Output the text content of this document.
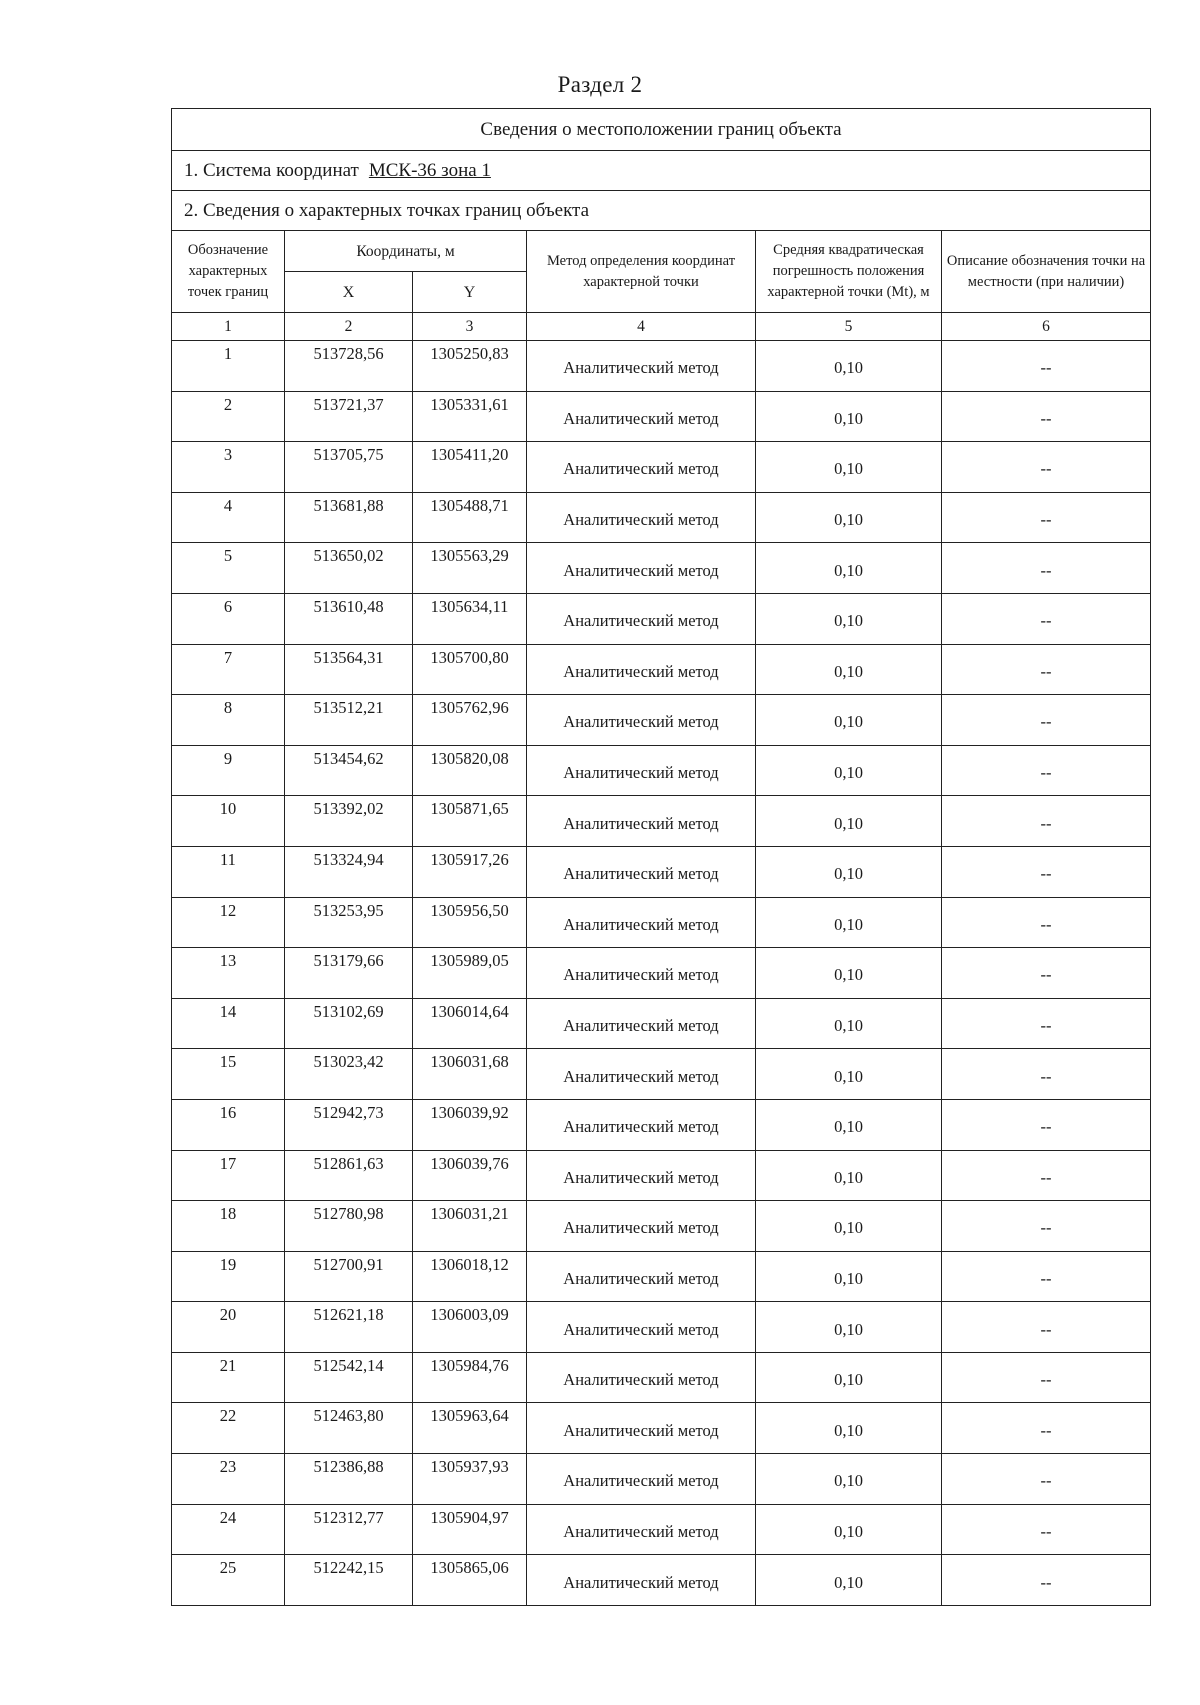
Раздел 2
Сведения о местоположении границ объекта					
1. Система координат МСК-36 зона 1					
2. Сведения о характерных точках границ объекта					
Обозначение характерных точек границ	Координаты, м		Метод определения координат характерной точки	Средняя квадратическая погрешность положения характерной точки (Mt), м	Описание обозначения точки на местности (при наличии)
	X	Y			
1	2	3	4	5	6
1	513728,56	1305250,83	Аналитический метод	0,10	--
2	513721,37	1305331,61	Аналитический метод	0,10	--
3	513705,75	1305411,20	Аналитический метод	0,10	--
4	513681,88	1305488,71	Аналитический метод	0,10	--
5	513650,02	1305563,29	Аналитический метод	0,10	--
6	513610,48	1305634,11	Аналитический метод	0,10	--
7	513564,31	1305700,80	Аналитический метод	0,10	--
8	513512,21	1305762,96	Аналитический метод	0,10	--
9	513454,62	1305820,08	Аналитический метод	0,10	--
10	513392,02	1305871,65	Аналитический метод	0,10	--
11	513324,94	1305917,26	Аналитический метод	0,10	--
12	513253,95	1305956,50	Аналитический метод	0,10	--
13	513179,66	1305989,05	Аналитический метод	0,10	--
14	513102,69	1306014,64	Аналитический метод	0,10	--
15	513023,42	1306031,68	Аналитический метод	0,10	--
16	512942,73	1306039,92	Аналитический метод	0,10	--
17	512861,63	1306039,76	Аналитический метод	0,10	--
18	512780,98	1306031,21	Аналитический метод	0,10	--
19	512700,91	1306018,12	Аналитический метод	0,10	--
20	512621,18	1306003,09	Аналитический метод	0,10	--
21	512542,14	1305984,76	Аналитический метод	0,10	--
22	512463,80	1305963,64	Аналитический метод	0,10	--
23	512386,88	1305937,93	Аналитический метод	0,10	--
24	512312,77	1305904,97	Аналитический метод	0,10	--
25	512242,15	1305865,06	Аналитический метод	0,10	--
